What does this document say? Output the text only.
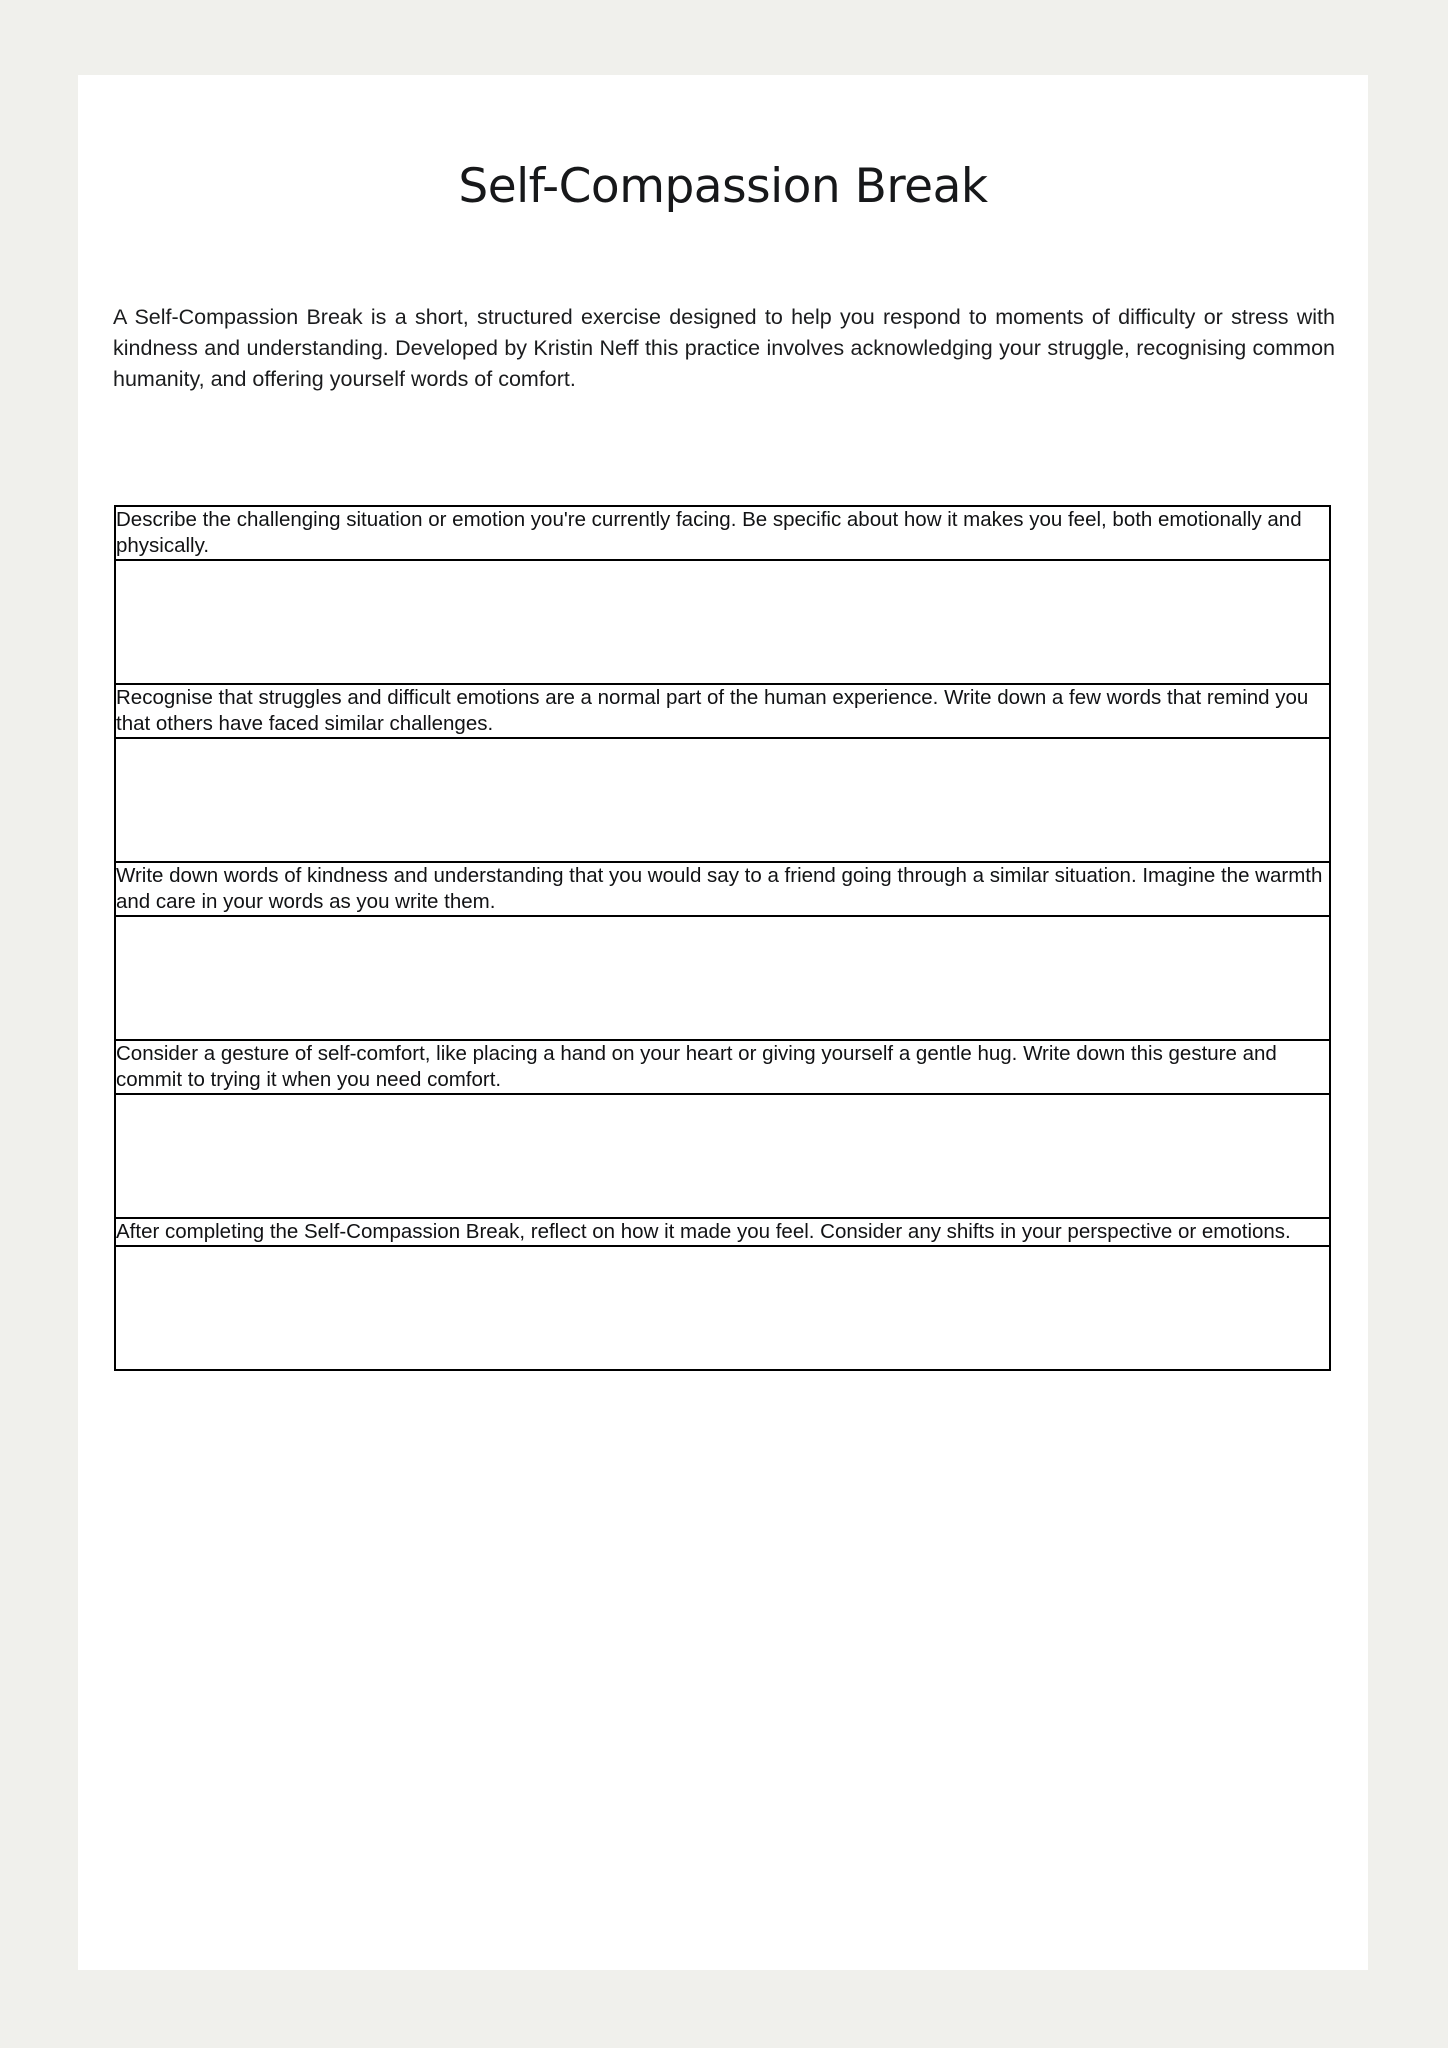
Self-Compassion Break

A Self-Compassion Break is a short, structured exercise designed to help you respond to moments of difficulty or stress with kindness and understanding. Developed by Kristin Neff this practice involves acknowledging your struggle, recognising common humanity, and offering yourself words of comfort.

Describe the challenging situation or emotion you're currently facing. Be specific about how it makes you feel, both emotionally and physically.

Recognise that struggles and difficult emotions are a normal part of the human experience. Write down a few words that remind you that others have faced similar challenges.

Write down words of kindness and understanding that you would say to a friend going through a similar situation. Imagine the warmth and care in your words as you write them.

Consider a gesture of self-comfort, like placing a hand on your heart or giving yourself a gentle hug. Write down this gesture and commit to trying it when you need comfort.

After completing the Self-Compassion Break, reflect on how it made you feel. Consider any shifts in your perspective or emotions.
